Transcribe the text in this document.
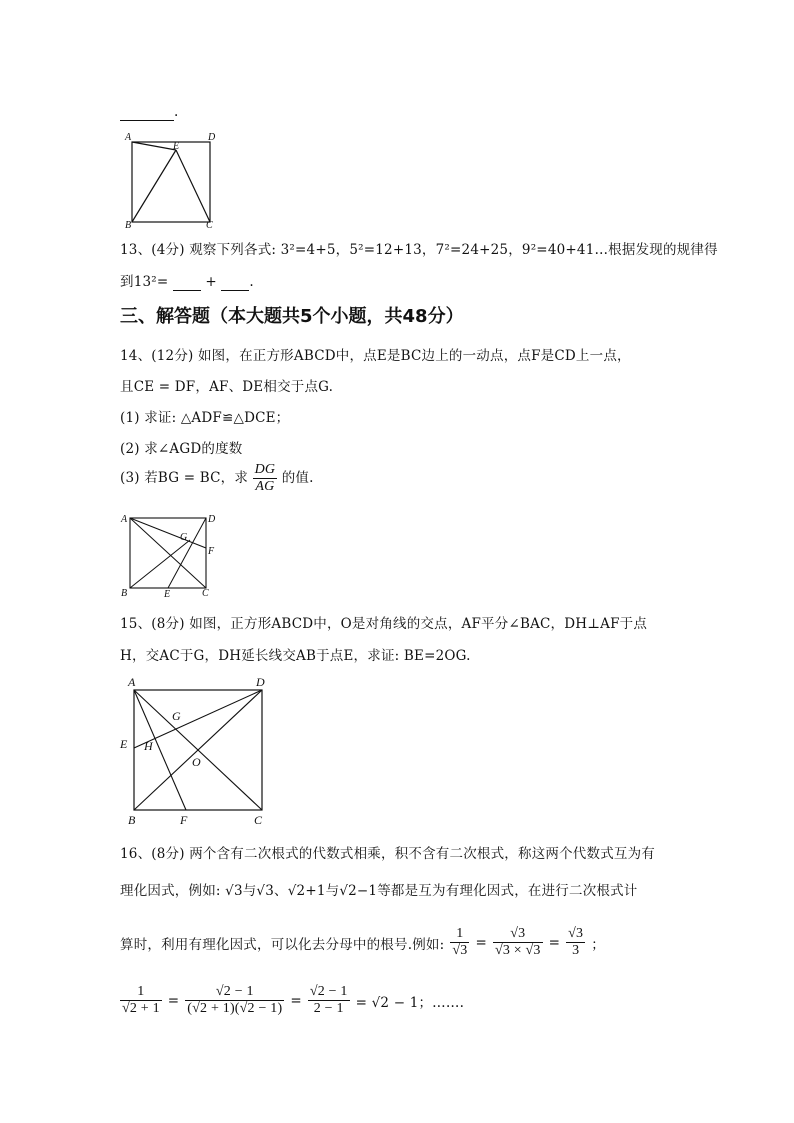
.
A	D
E
B	C
13、(4分) 观察下列各式: 3²=4+5，5²=12+13，7²=24+25，9²=40+41…根据发现的规律得
到13²=	+ .
三、解答题（本大题共5个小题，共48分）
14、(12分) 如图，在正方形ABCD中，点E是BC边上的一动点，点F是CD上一点，
且CE = DF，AF、DE相交于点G.
(1) 求证: △ADF≌△DCE；
(2) 求∠AGD的度数
(3) 若BG = BC，求 $\frac{DG}{AG}$ 的值.
A	D
G
F
B	E	C
15、(8分) 如图，正方形ABCD中，O是对角线的交点，AF平分∠BAC，DH⊥AF于点
H，交AC于G，DH延长线交AB于点E，求证: BE=2OG.
A	D
G
E H
O
B	F	C
16、(8分) 两个含有二次根式的代数式相乘，积不含有二次根式，称这两个代数式互为有
理化因式，例如: √3与√3、√2+1与√2−1等都是互为有理化因式，在进行二次根式计
算时，利用有理化因式，可以化去分母中的根号.例如: $\frac{1}{√3} = \frac{√3}{√3 \times √3} = \frac{√3}{3}$ ；
$\frac{1}{√2 + 1} = \frac{√2 - 1}{(√2 + 1)(√2 - 1)} = \frac{√2 - 1}{2 - 1} = √2 - 1$；…….
